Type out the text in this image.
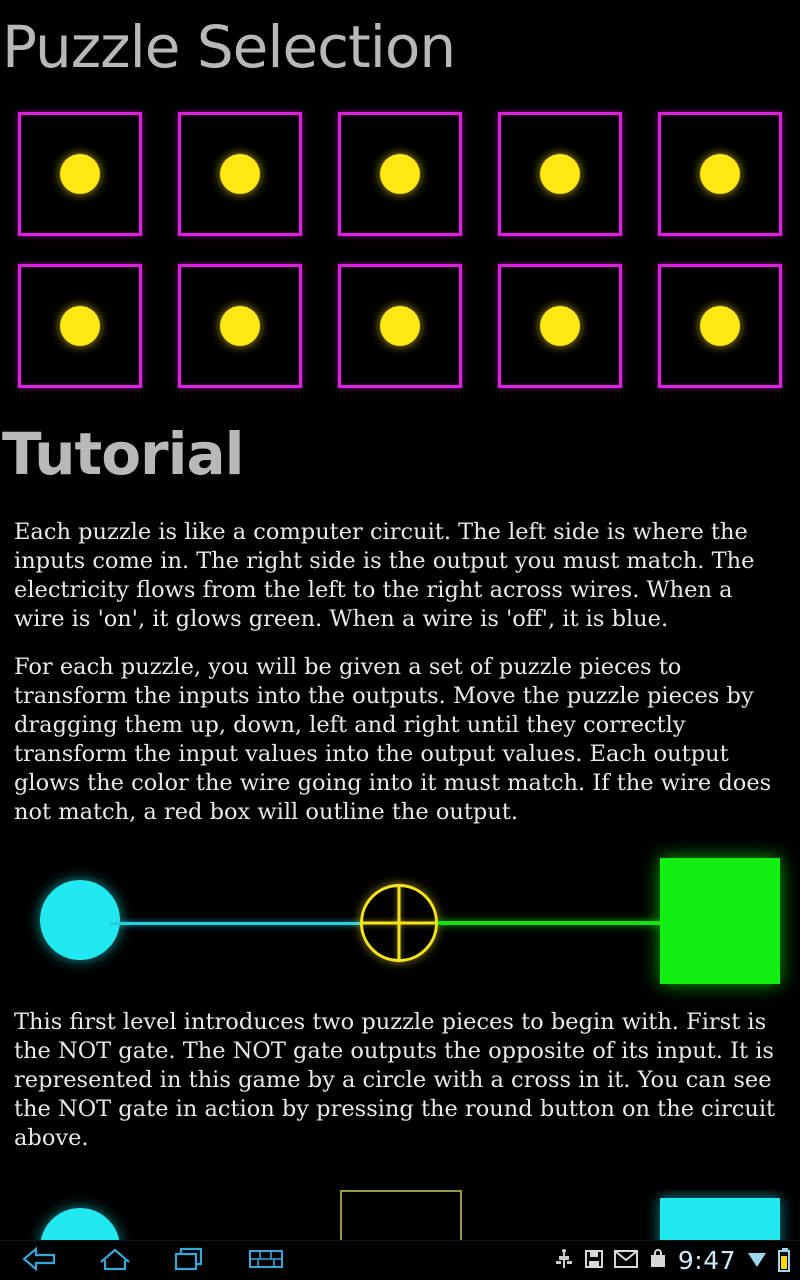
Puzzle Selection
Tutorial

Each puzzle is like a computer circuit. The left side is where the inputs come in. The right side is the output you must match. The electricity flows from the left to the right across wires. When a wire is 'on', it glows green. When a wire is 'off', it is blue.

For each puzzle, you will be given a set of puzzle pieces to transform the inputs into the outputs. Move the puzzle pieces by dragging them up, down, left and right until they correctly transform the input values into the output values. Each output glows the color the wire going into it must match. If the wire does not match, a red box will outline the output.

This first level introduces two puzzle pieces to begin with. First is the NOT gate. The NOT gate outputs the opposite of its input. It is represented in this game by a circle with a cross in it. You can see the NOT gate in action by pressing the round button on the circuit above.

9:47
